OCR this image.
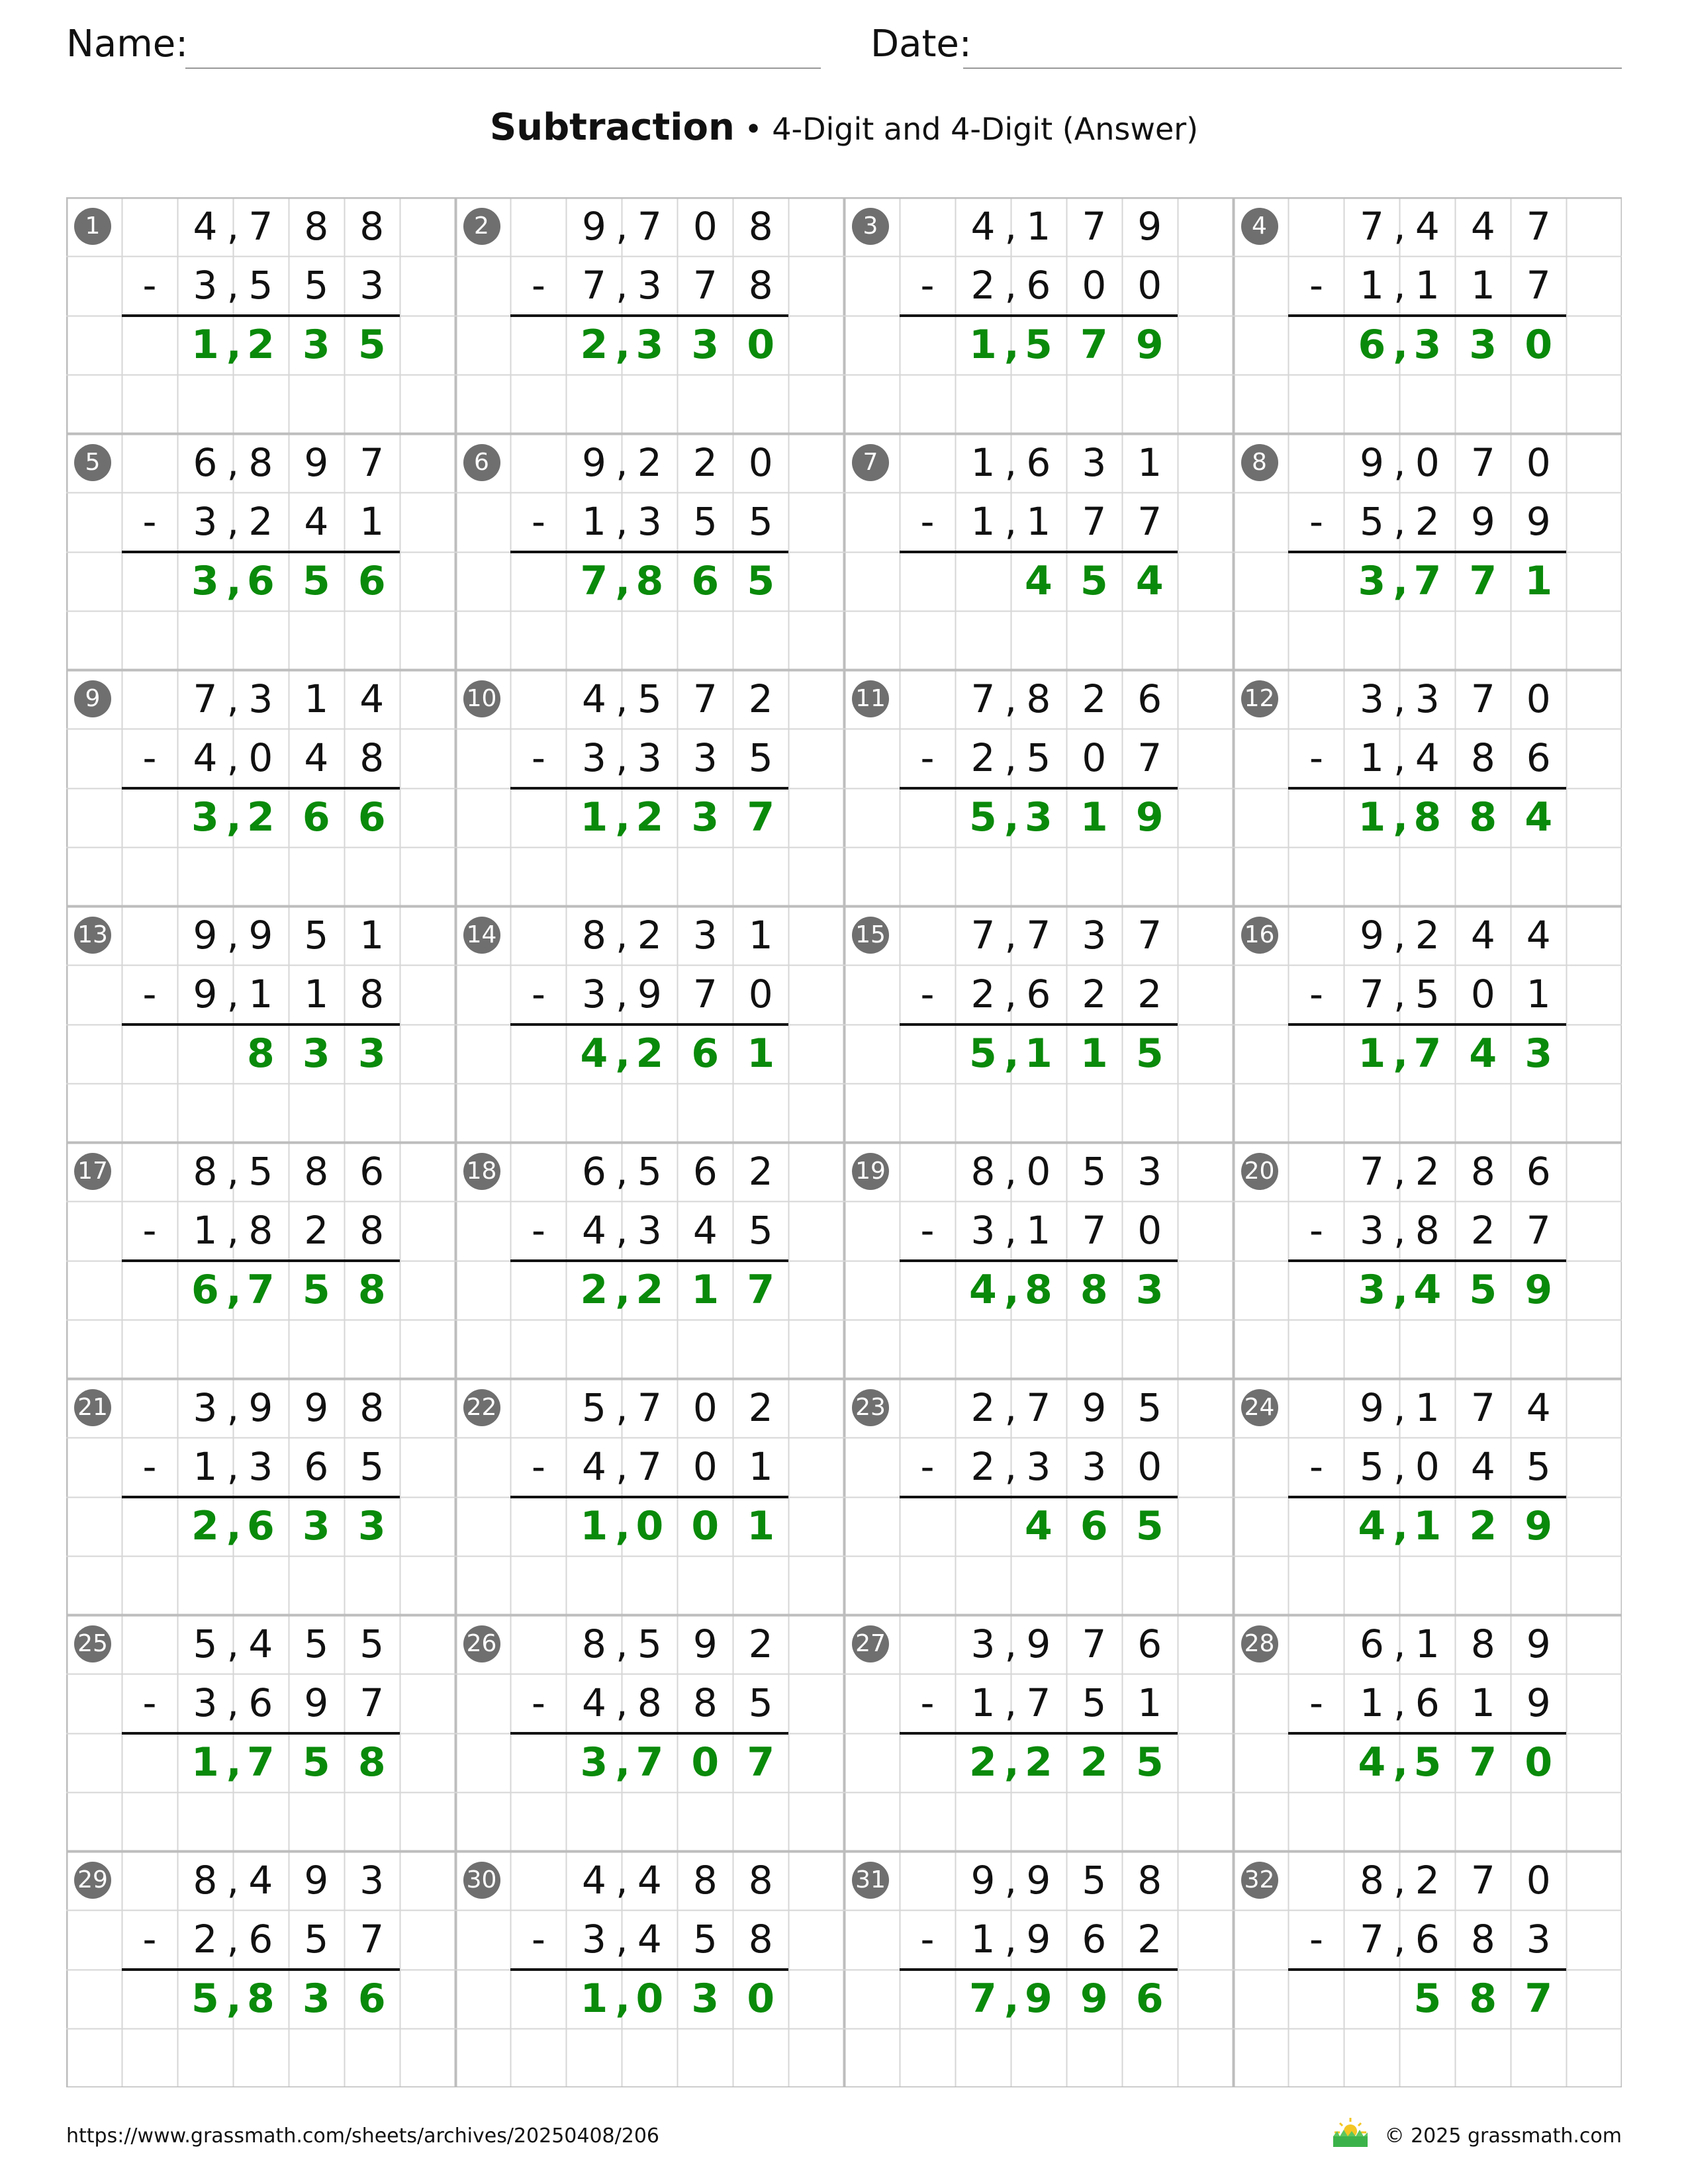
Name:	Date:
Subtraction • 4-Digit and 4-Digit (Answer)
1	4 7 8 8
,
- 3 5 5 3
,
1 2 3 5
,
2	9 7 0 8
,
- 7 3 7 8
,
2 3 3 0
,
3	4 1 7 9
,
- 2 6 0 0
,
1 5 7 9
,
4	7 4 4 7
,
- 1 1 1 7
,
6 3 3 0
,
5	6 8 9 7
,
- 3 2 4 1
,
3 6 5 6
,
6	9 2 2 0
,
- 1 3 5 5
,
7 8 6 5
,
7	1 6 3 1
,
- 1 1 7 7
,
4 5 4
8	9 0 7 0
,
- 5 2 9 9
,
3 7 7 1
,
9	7 3 1 4
,
- 4 0 4 8
,
3 2 6 6
,
10	4 5 7 2
,
- 3 3 3 5
,
1 2 3 7
,
11	7 8 2 6
,
- 2 5 0 7
,
5 3 1 9
,
12	3 3 7 0
,
- 1 4 8 6
,
1 8 8 4
,
13	9 9 5 1
,
- 9 1 1 8
,
8 3 3
14	8 2 3 1
,
- 3 9 7 0
,
4 2 6 1
,
15	7 7 3 7
,
- 2 6 2 2
,
5 1 1 5
,
16	9 2 4 4
,
- 7 5 0 1
,
1 7 4 3
,
17	8 5 8 6
,
- 1 8 2 8
,
6 7 5 8
,
18	6 5 6 2
,
- 4 3 4 5
,
2 2 1 7
,
19	8 0 5 3
,
- 3 1 7 0
,
4 8 8 3
,
20	7 2 8 6
,
- 3 8 2 7
,
3 4 5 9
,
21	3 9 9 8
,
- 1 3 6 5
,
2 6 3 3
,
22	5 7 0 2
,
- 4 7 0 1
,
1 0 0 1
,
23	2 7 9 5
,
- 2 3 3 0
,
4 6 5
24	9 1 7 4
,
- 5 0 4 5
,
4 1 2 9
,
25	5 4 5 5
,
- 3 6 9 7
,
1 7 5 8
,
26	8 5 9 2
,
- 4 8 8 5
,
3 7 0 7
,
27	3 9 7 6
,
- 1 7 5 1
,
2 2 2 5
,
28	6 1 8 9
,
- 1 6 1 9
,
4 5 7 0
,
29	8 4 9 3
,
- 2 6 5 7
,
5 8 3 6
,
30	4 4 8 8
,
- 3 4 5 8
,
1 0 3 0
,
31	9 9 5 8
,
- 1 9 6 2
,
7 9 9 6
,
32	8 2 7 0
,
- 7 6 8 3
,
5 8 7
https://www.grassmath.com/sheets/archives/20250408/206	© 2025 grassmath.com
